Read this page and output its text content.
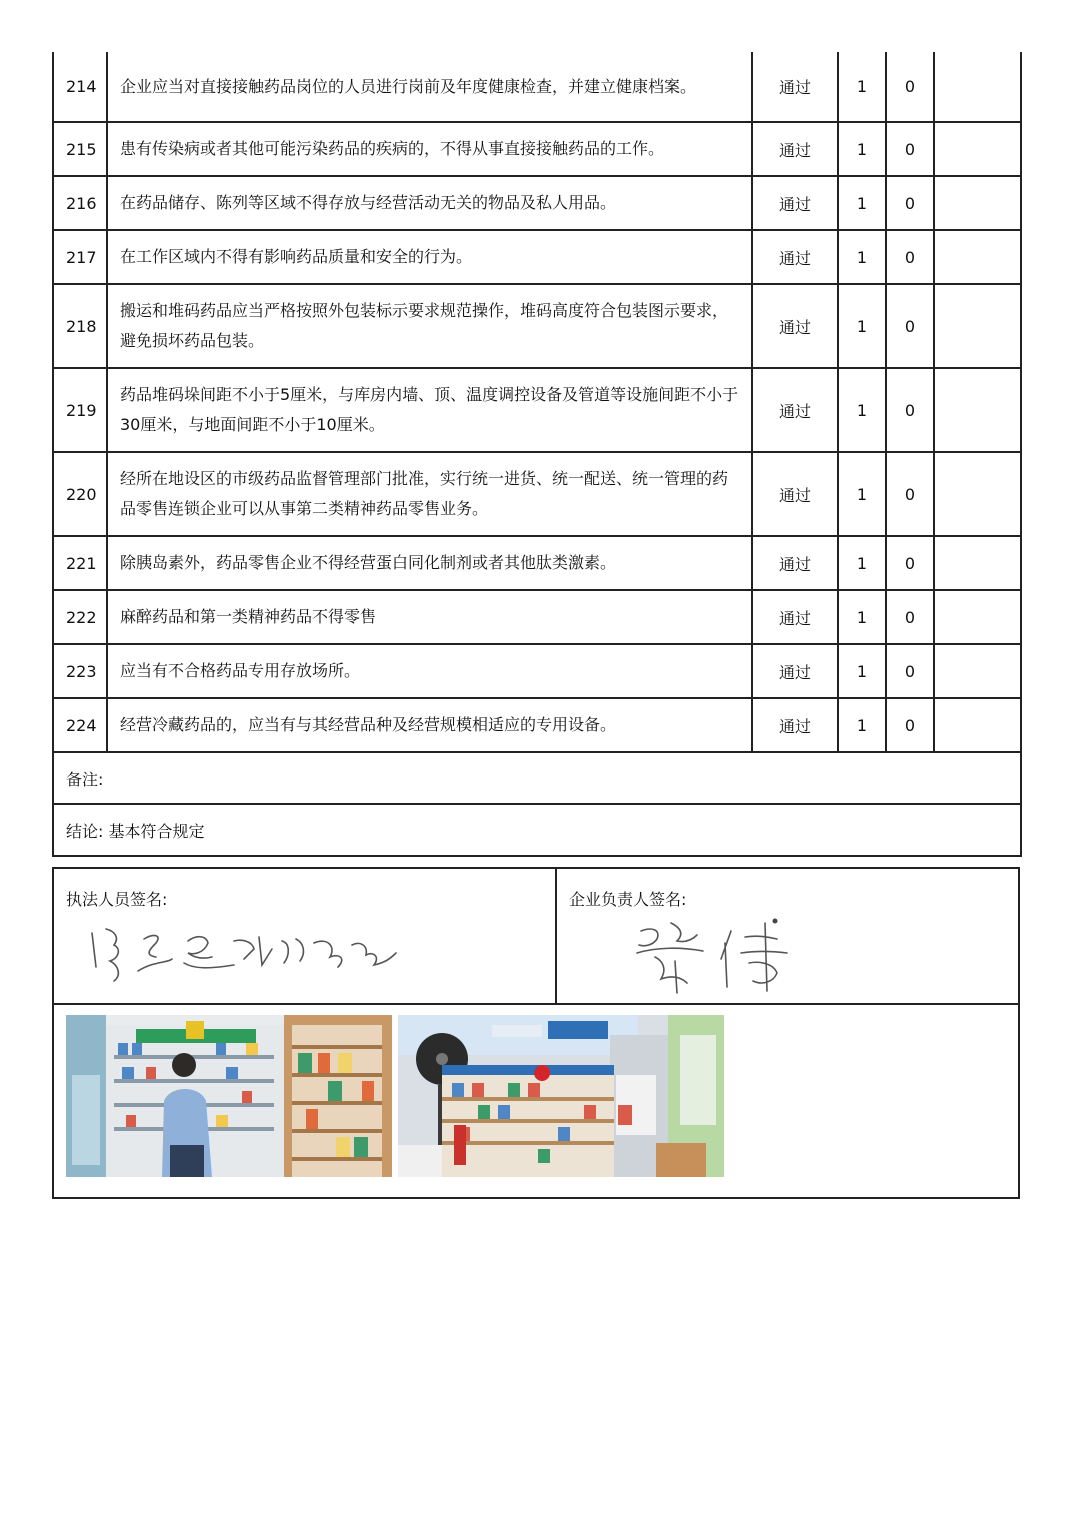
214	企业应当对直接接触药品岗位的人员进行岗前及年度健康检查，并建立健康档案。	通过	1	0	
215	患有传染病或者其他可能污染药品的疾病的，不得从事直接接触药品的工作。	通过	1	0	
216	在药品储存、陈列等区域不得存放与经营活动无关的物品及私人用品。	通过	1	0	
217	在工作区域内不得有影响药品质量和安全的行为。	通过	1	0	
218	搬运和堆码药品应当严格按照外包装标示要求规范操作，堆码高度符合包装图示要求，避免损坏药品包装。	通过	1	0	
219	药品堆码垛间距不小于5厘米，与库房内墙、顶、温度调控设备及管道等设施间距不小于30厘米，与地面间距不小于10厘米。	通过	1	0	
220	经所在地设区的市级药品监督管理部门批准，实行统一进货、统一配送、统一管理的药品零售连锁企业可以从事第二类精神药品零售业务。	通过	1	0	
221	除胰岛素外，药品零售企业不得经营蛋白同化制剂或者其他肽类激素。	通过	1	0	
222	麻醉药品和第一类精神药品不得零售	通过	1	0	
223	应当有不合格药品专用存放场所。	通过	1	0	
224	经营冷藏药品的，应当有与其经营品种及经营规模相适应的专用设备。	通过	1	0	
备注:					
结论: 基本符合规定					
执法人员签名:	企业负责人签名:
